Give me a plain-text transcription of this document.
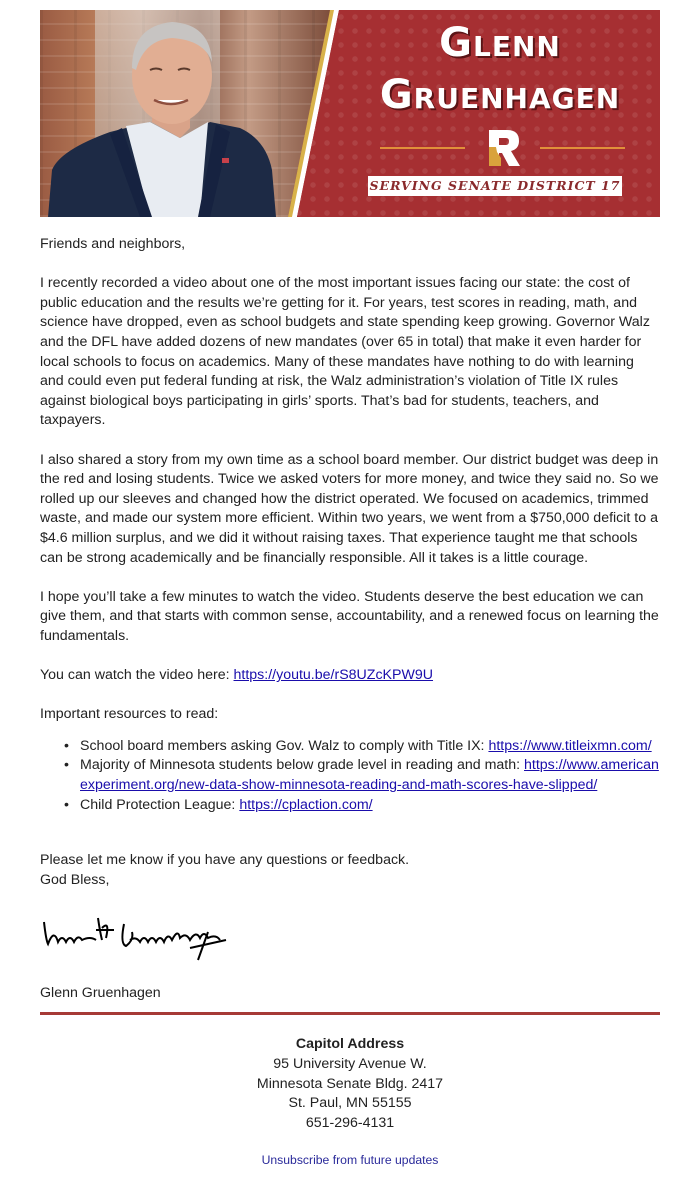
Glenn
Gruenhagen
SERVING SENATE DISTRICT 17

Friends and neighbors,

I recently recorded a video about one of the most important issues facing our state: the cost of public education and the results we’re getting for it. For years, test scores in reading, math, and science have dropped, even as school budgets and state spending keep growing. Governor Walz and the DFL have added dozens of new mandates (over 65 in total) that make it even harder for local schools to focus on academics. Many of these mandates have nothing to do with learning and could even put federal funding at risk, the Walz administration’s violation of Title IX rules against biological boys participating in girls’ sports. That’s bad for students, teachers, and taxpayers.

I also shared a story from my own time as a school board member. Our district budget was deep in the red and losing students. Twice we asked voters for more money, and twice they said no. So we rolled up our sleeves and changed how the district operated. We focused on academics, trimmed waste, and made our system more efficient. Within two years, we went from a $750,000 deficit to a $4.6 million surplus, and we did it without raising taxes. That experience taught me that schools can be strong academically and be financially responsible. All it takes is a little courage.

I hope you’ll take a few minutes to watch the video. Students deserve the best education we can give them, and that starts with common sense, accountability, and a renewed focus on learning the fundamentals.

You can watch the video here: https://youtu.be/rS8UZcKPW9U

Important resources to read:

• School board members asking Gov. Walz to comply with Title IX: https://www.titleixmn.com/
• Majority of Minnesota students below grade level in reading and math: https://www.americanexperiment.org/new-data-show-minnesota-reading-and-math-scores-have-slipped/
• Child Protection League: https://cplaction.com/
Please let me know if you have any questions or feedback.
God Bless,
Glenn Gruenhagen
Capitol Address
95 University Avenue W.
Minnesota Senate Bldg. 2417
St. Paul, MN 55155
651-296-4131
Unsubscribe from future updates
